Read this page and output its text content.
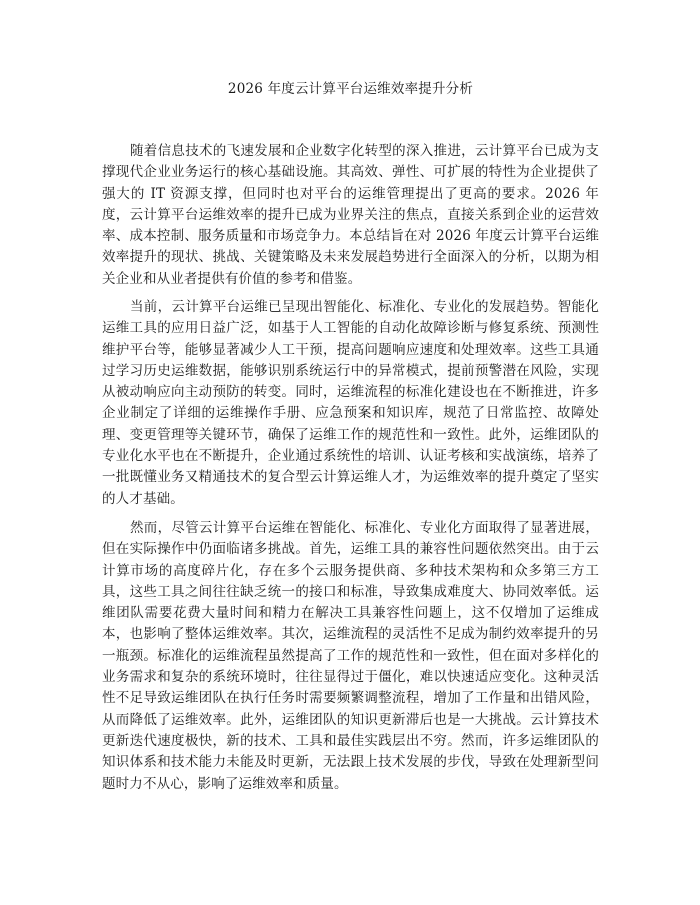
2026 年度云计算平台运维效率提升分析

随着信息技术的飞速发展和企业数字化转型的深入推进，云计算平台已成为支撑现代企业业务运行的核心基础设施。其高效、弹性、可扩展的特性为企业提供了强大的 IT 资源支撑，但同时也对平台的运维管理提出了更高的要求。2026 年度，云计算平台运维效率的提升已成为业界关注的焦点，直接关系到企业的运营效率、成本控制、服务质量和市场竞争力。本总结旨在对 2026 年度云计算平台运维效率提升的现状、挑战、关键策略及未来发展趋势进行全面深入的分析，以期为相关企业和从业者提供有价值的参考和借鉴。

当前，云计算平台运维已呈现出智能化、标准化、专业化的发展趋势。智能化运维工具的应用日益广泛，如基于人工智能的自动化故障诊断与修复系统、预测性维护平台等，能够显著减少人工干预，提高问题响应速度和处理效率。这些工具通过学习历史运维数据，能够识别系统运行中的异常模式，提前预警潜在风险，实现从被动响应向主动预防的转变。同时，运维流程的标准化建设也在不断推进，许多企业制定了详细的运维操作手册、应急预案和知识库，规范了日常监控、故障处理、变更管理等关键环节，确保了运维工作的规范性和一致性。此外，运维团队的专业化水平也在不断提升，企业通过系统性的培训、认证考核和实战演练，培养了一批既懂业务又精通技术的复合型云计算运维人才，为运维效率的提升奠定了坚实的人才基础。

然而，尽管云计算平台运维在智能化、标准化、专业化方面取得了显著进展，但在实际操作中仍面临诸多挑战。首先，运维工具的兼容性问题依然突出。由于云计算市场的高度碎片化，存在多个云服务提供商、多种技术架构和众多第三方工具，这些工具之间往往缺乏统一的接口和标准，导致集成难度大、协同效率低。运维团队需要花费大量时间和精力在解决工具兼容性问题上，这不仅增加了运维成本，也影响了整体运维效率。其次，运维流程的灵活性不足成为制约效率提升的另一瓶颈。标准化的运维流程虽然提高了工作的规范性和一致性，但在面对多样化的业务需求和复杂的系统环境时，往往显得过于僵化，难以快速适应变化。这种灵活性不足导致运维团队在执行任务时需要频繁调整流程，增加了工作量和出错风险，从而降低了运维效率。此外，运维团队的知识更新滞后也是一大挑战。云计算技术更新迭代速度极快，新的技术、工具和最佳实践层出不穷。然而，许多运维团队的知识体系和技术能力未能及时更新，无法跟上技术发展的步伐，导致在处理新型问题时力不从心，影响了运维效率和质量。
